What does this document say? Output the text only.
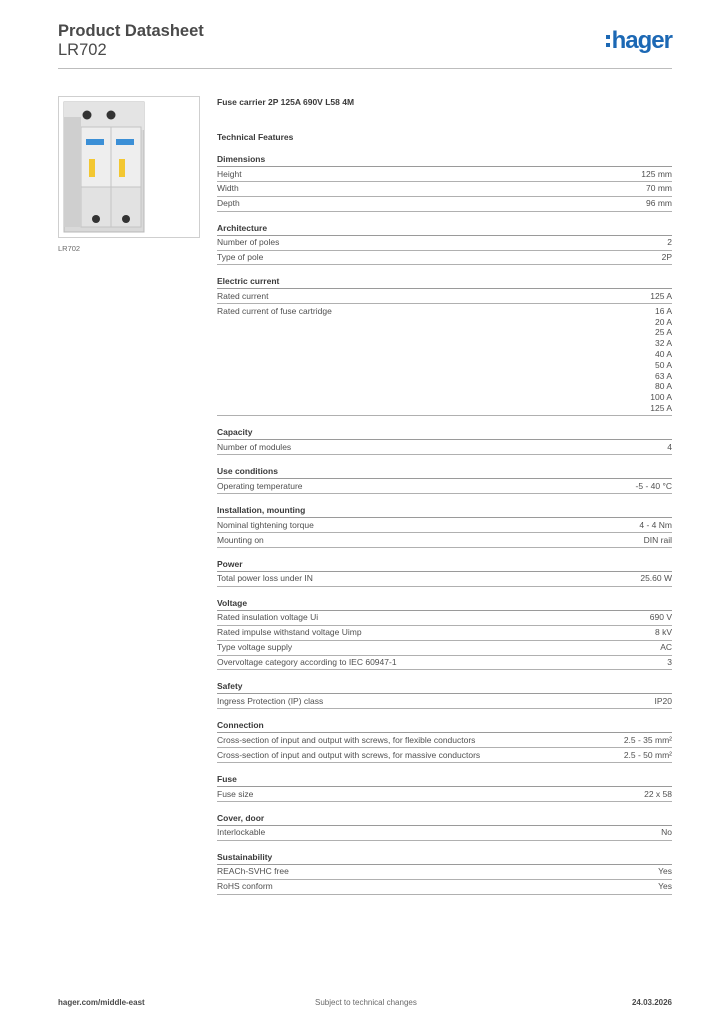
Product Datasheet
LR702	hager
LR702
Fuse carrier 2P 125A 690V L58 4M
Technical Features
Dimensions
Height	125 mm
Width	70 mm
Depth	96 mm
Architecture
Number of poles	2
Type of pole	2P
Electric current
Rated current	125 A
Rated current of fuse cartridge	16 A
20 A
25 A
32 A
40 A
50 A
63 A
80 A
100 A
125 A
Capacity
Number of modules	4
Use conditions
Operating temperature	-5 - 40 °C
Installation, mounting
Nominal tightening torque	4 - 4 Nm
Mounting on	DIN rail
Power
Total power loss under IN	25.60 W
Voltage
Rated insulation voltage Ui	690 V
Rated impulse withstand voltage Uimp	8 kV
Type voltage supply	AC
Overvoltage category according to IEC 60947-1	3
Safety
Ingress Protection (IP) class	IP20
Connection
Cross-section of input and output with screws, for flexible conductors	2.5 - 35 mm²
Cross-section of input and output with screws, for massive conductors	2.5 - 50 mm²
Fuse
Fuse size	22 x 58
Cover, door
Interlockable	No
Sustainability
REACh-SVHC free	Yes
RoHS conform	Yes
hager.com/middle-east	Subject to technical changes	24.03.2026
